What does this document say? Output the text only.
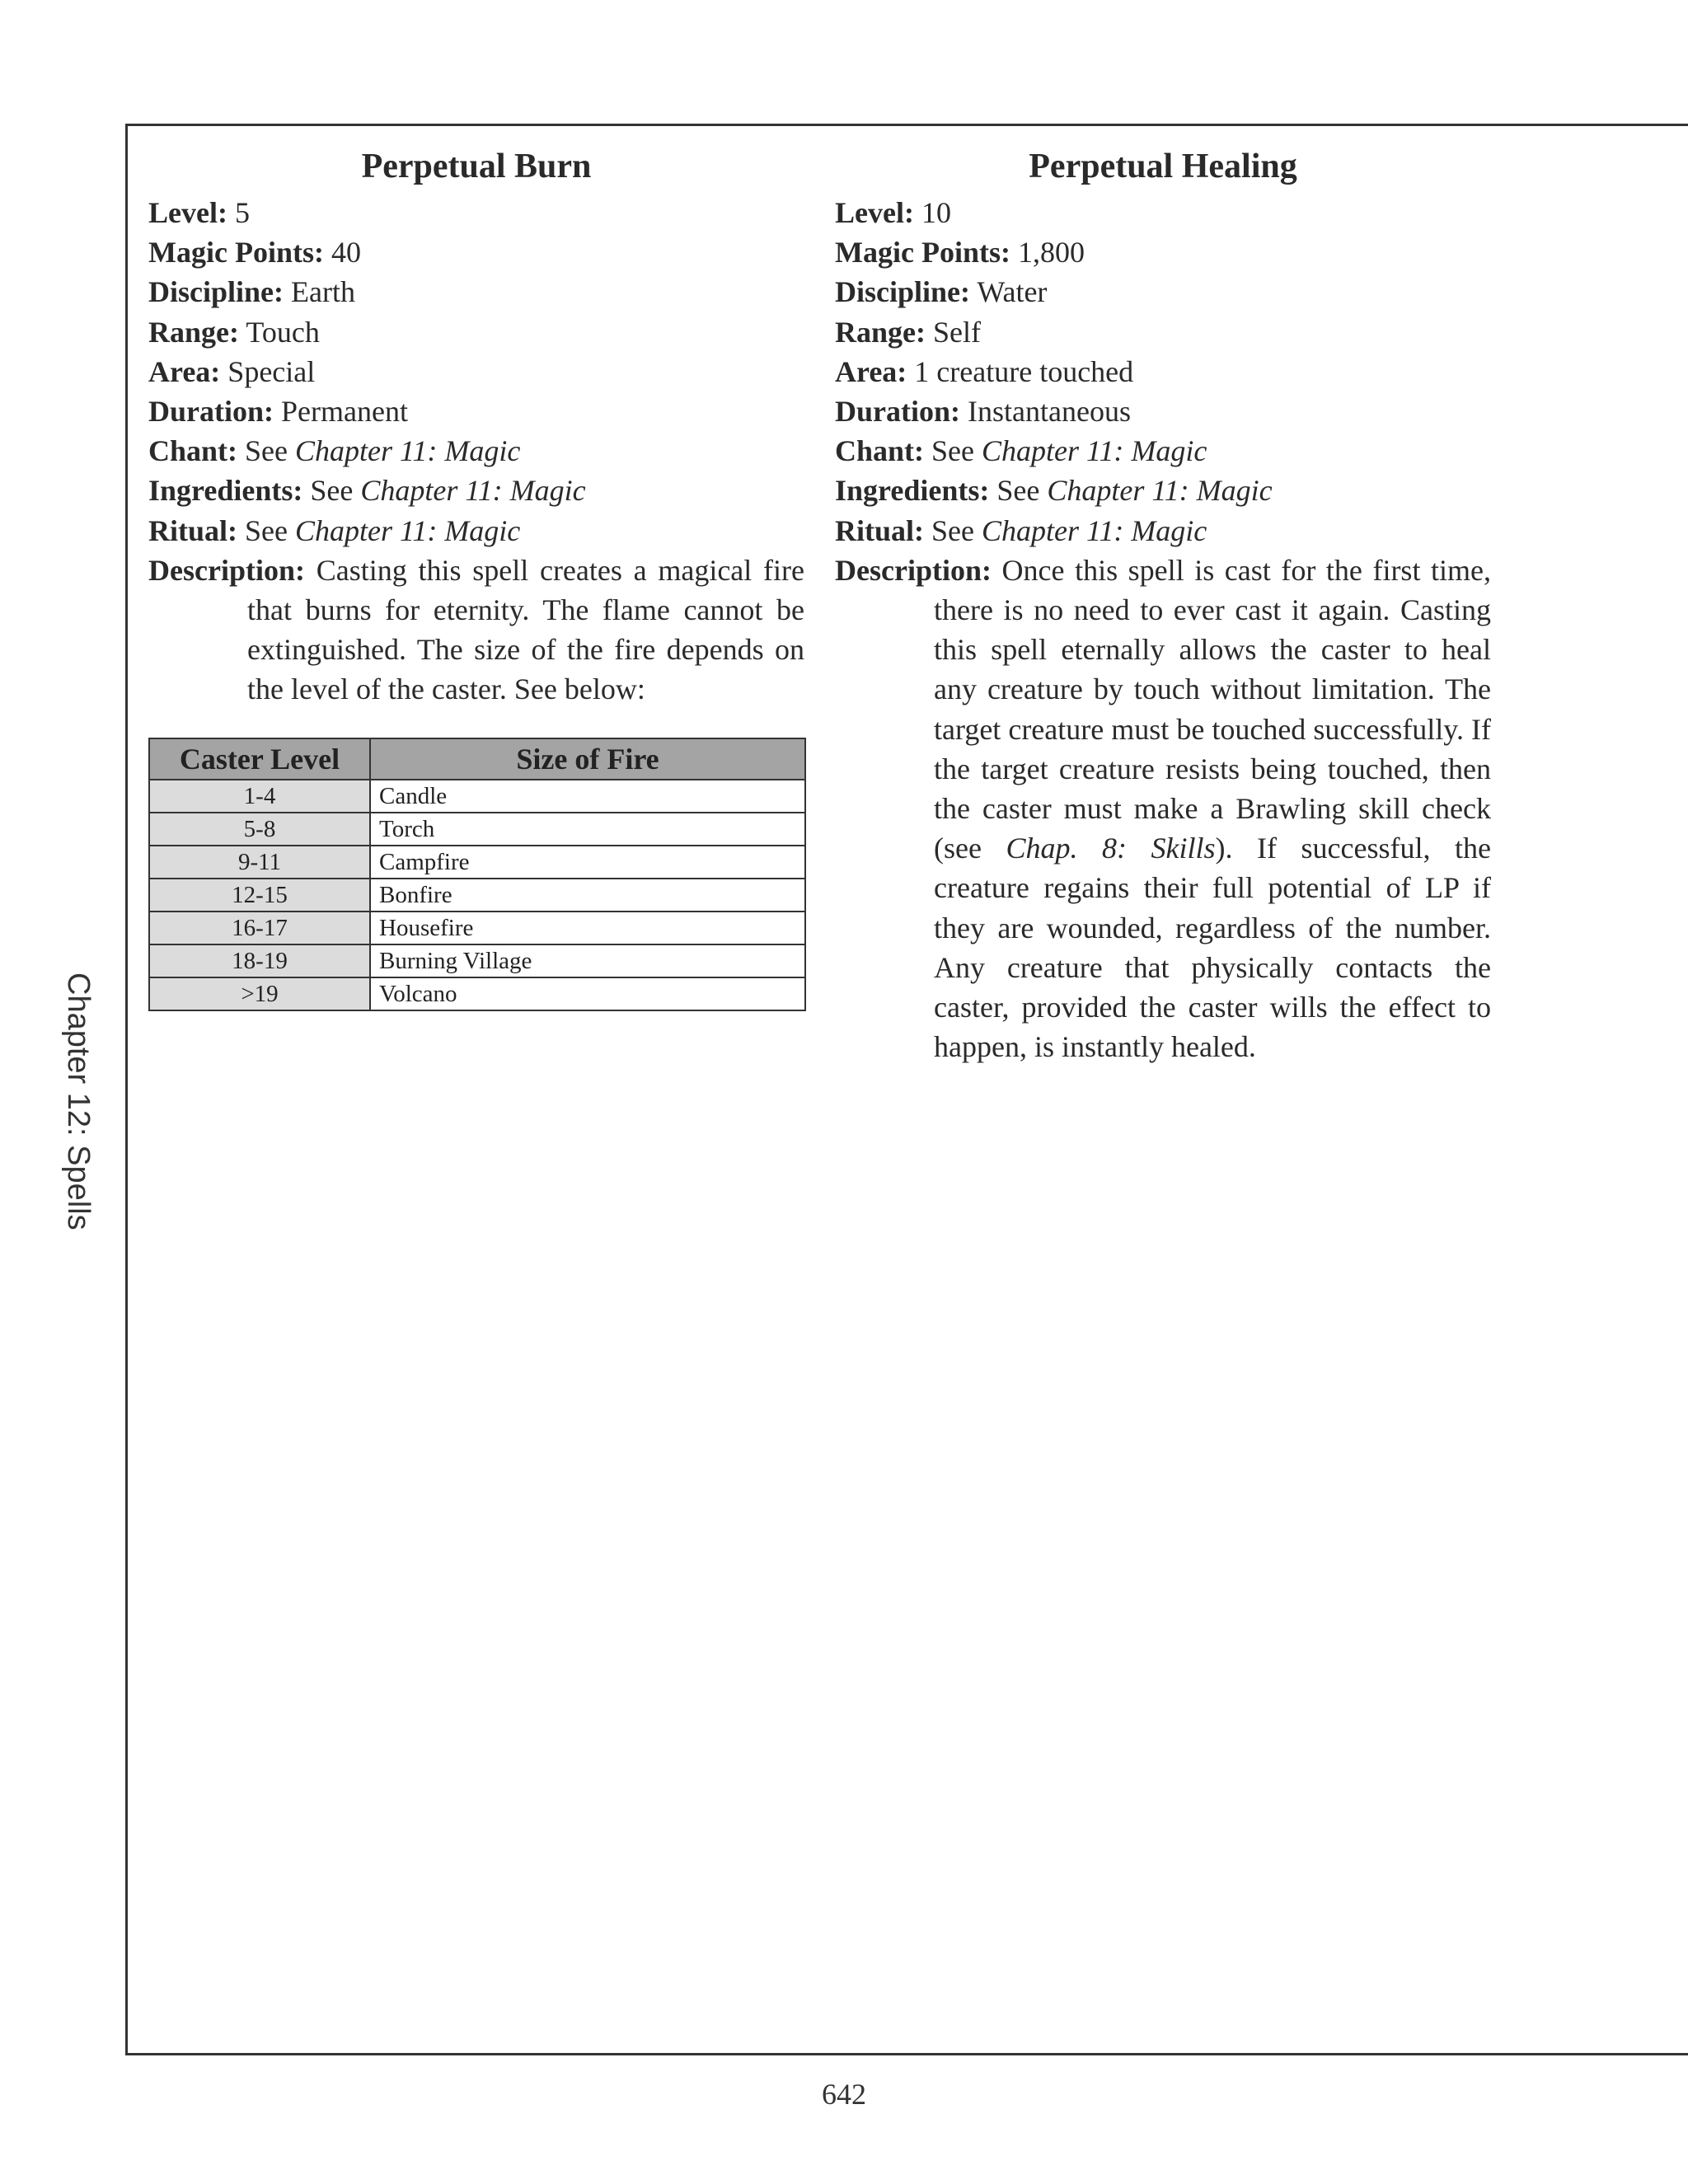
Chapter 12: Spells
Perpetual Burn
Level: 5
Magic Points: 40
Discipline: Earth
Range: Touch
Area: Special
Duration: Permanent
Chant: See Chapter 11: Magic
Ingredients: See Chapter 11: Magic
Ritual: See Chapter 11: Magic
Description: Casting this spell creates a magical fire that burns for eternity. The flame cannot be extinguished. The size of the fire depends on the level of the caster. See below:
Caster Level	Size of Fire
1-4	Candle
5-8	Torch
9-11	Campfire
12-15	Bonfire
16-17	Housefire
18-19	Burning Village
>19	Volcano
Perpetual Healing
Level: 10
Magic Points: 1,800
Discipline: Water
Range: Self
Area: 1 creature touched
Duration: Instantaneous
Chant: See Chapter 11: Magic
Ingredients: See Chapter 11: Magic
Ritual: See Chapter 11: Magic
Description: Once this spell is cast for the first time, there is no need to ever cast it again. Casting this spell eternally allows the caster to heal any creature by touch without limitation. The target creature must be touched successfully. If the target creature resists being touched, then the caster must make a Brawling skill check (see Chap. 8: Skills). If successful, the creature regains their full potential of LP if they are wounded, regardless of the number. Any creature that physically contacts the caster, provided the caster wills the effect to happen, is instantly healed.
642
